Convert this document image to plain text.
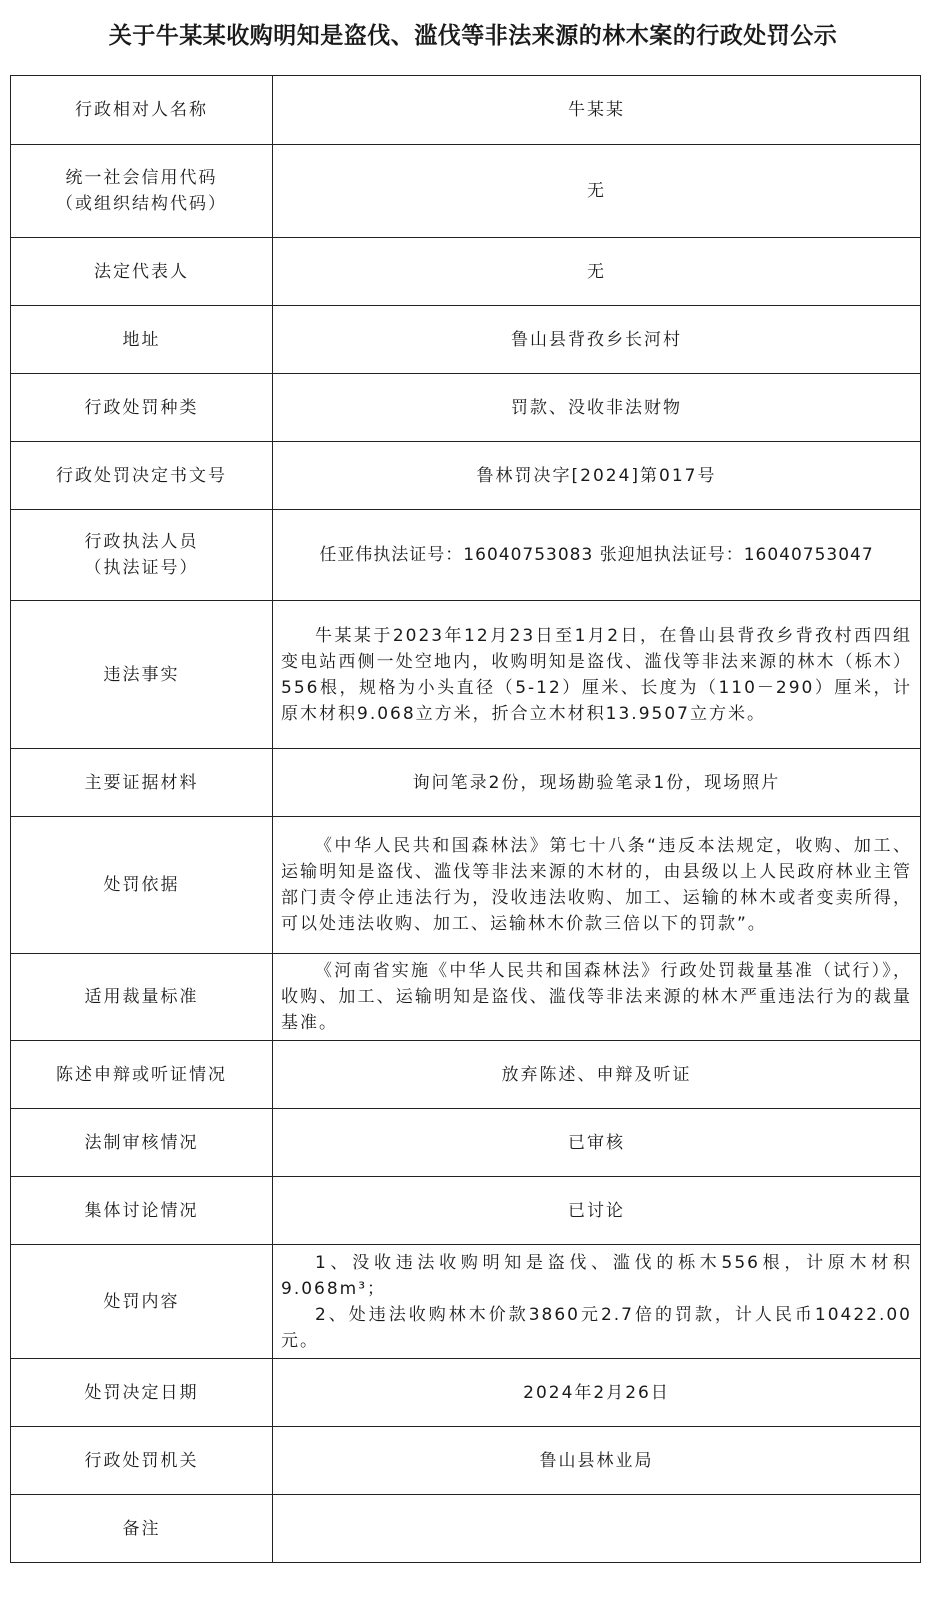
关于牛某某收购明知是盗伐、滥伐等非法来源的林木案的行政处罚公示
行政相对人名称	牛某某

统一社会信用代码
（或组织结构代码）	无
法定代表人	无
地址	鲁山县背孜乡长河村
行政处罚种类	罚款、没收非法财物
行政处罚决定书文号	鲁林罚决字[2024]第017号

行政执法人员
（执法证号）	任亚伟执法证号：16040753083 张迎旭执法证号：16040753047
违法事实	牛某某于2023年12月23日至1月2日，在鲁山县背孜乡背孜村西四组变电站西侧一处空地内，收购明知是盗伐、滥伐等非法来源的林木（栎木）556根，规格为小头直径（5-12）厘米、长度为（110－290）厘米，计原木材积9.068立方米，折合立木材积13.9507立方米。

主要证据材料	询问笔录2份，现场勘验笔录1份，现场照片
处罚依据	《中华人民共和国森林法》第七十八条“违反本法规定，收购、加工、运输明知是盗伐、滥伐等非法来源的木材的，由县级以上人民政府林业主管部门责令停止违法行为，没收违法收购、加工、运输的林木或者变卖所得，可以处违法收购、加工、运输林木价款三倍以下的罚款”。

适用裁量标准	《河南省实施《中华人民共和国森林法》行政处罚裁量基准（试行）》，收购、加工、运输明知是盗伐、滥伐等非法来源的林木严重违法行为的裁量基准。

陈述申辩或听证情况	放弃陈述、申辩及听证
法制审核情况	已审核
集体讨论情况	已讨论
处罚内容	1、没收违法收购明知是盗伐、滥伐的栎木556根，计原木材积9.068m³；

2、处违法收购林木价款3860元2.7倍的罚款，计人民币10422.00元。

处罚决定日期	2024年2月26日
行政处罚机关	鲁山县林业局
备注	
